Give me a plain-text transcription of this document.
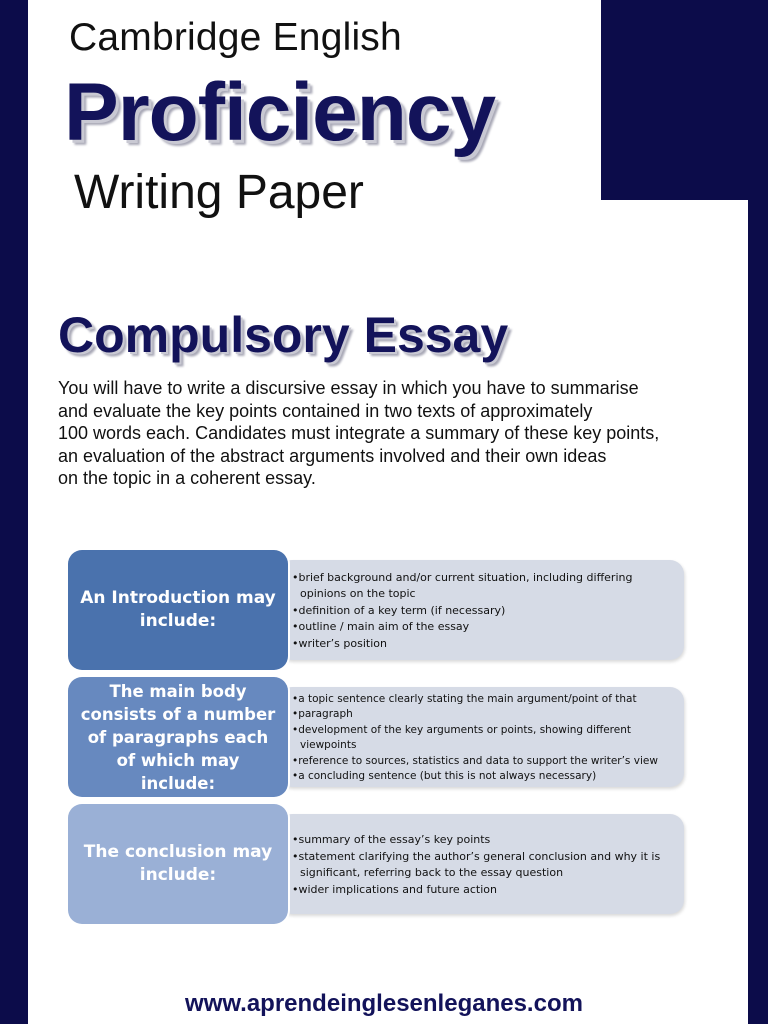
Cambridge English
Proficiency
Writing Paper
Compulsory Essay

You will have to write a discursive essay in which you have to summarise
and evaluate the key points contained in two texts of approximately
100 words each. Candidates must integrate a summary of these key points,
an evaluation of the abstract arguments involved and their own ideas
on the topic in a coherent essay.

An Introduction may include:
•brief background and/or current situation, including differing opinions on the topic
•definition of a key term (if necessary)
•outline / main aim of the essay
•writer’s position
The main body consists of a number of paragraphs each of which may include:
•a topic sentence clearly stating the main argument/point of that
•paragraph
•development of the key arguments or points, showing different viewpoints
•reference to sources, statistics and data to support the writer’s view
•a concluding sentence (but this is not always necessary)
The conclusion may include:
•summary of the essay’s key points
•statement clarifying the author’s general conclusion and why it is significant, referring back to the essay question
•wider implications and future action
www.aprendeinglesenleganes.com
